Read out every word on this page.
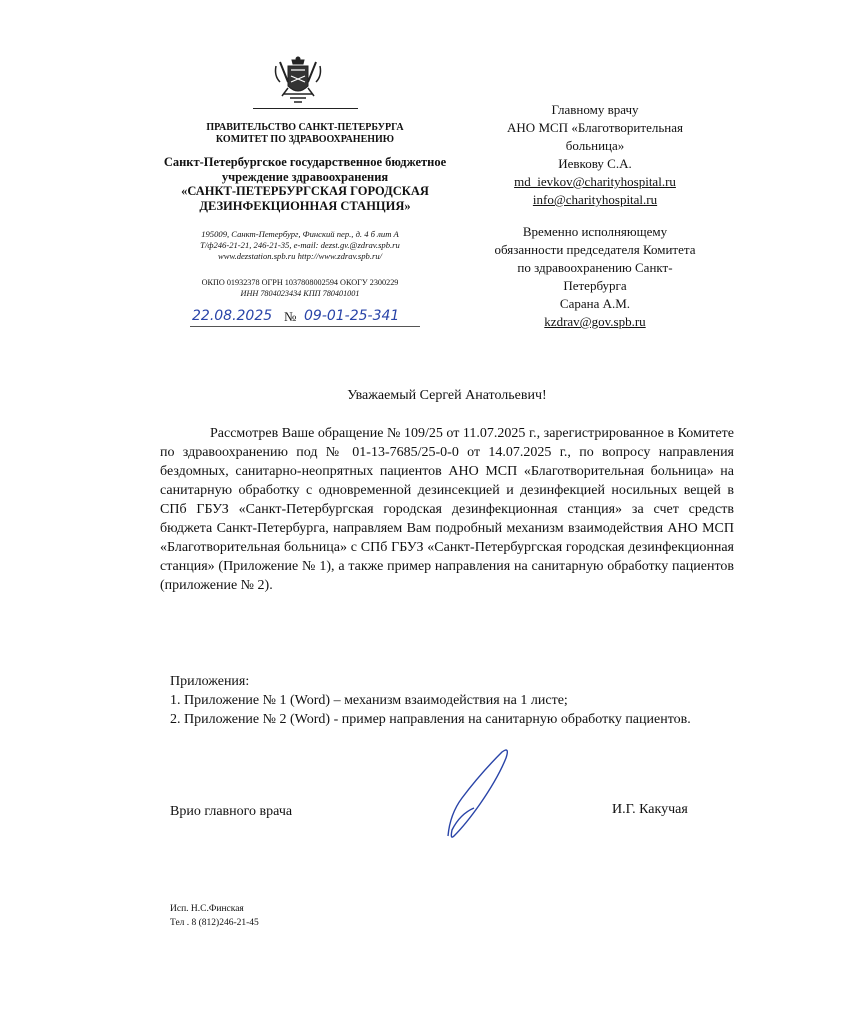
ПРАВИТЕЛЬСТВО САНКТ-ПЕТЕРБУРГА
КОМИТЕТ ПО ЗДРАВООХРАНЕНИЮ
Санкт-Петербургское государственное бюджетное
учреждение здравоохранения
«САНКТ-ПЕТЕРБУРГСКАЯ ГОРОДСКАЯ
ДЕЗИНФЕКЦИОННАЯ СТАНЦИЯ»
195009, Санкт-Петербург, Финский пер., д. 4 б лит А
Т/ф246-21-21, 246-21-35, e-mail: dezst.gv.@zdrav.spb.ru
www.dezstation.spb.ru http://www.zdrav.spb.ru/
ОКПО 01932378 ОГРН 1037808002594 ОКОГУ 2300229
ИНН 7804023434 КПП 780401001
22.08.2025 № 09-01-25-341
Главному врачу
АНО МСП «Благотворительная
больница»
Иевкову С.А.
md_ievkov@charityhospital.ru
info@charityhospital.ru
Временно исполняющему
обязанности председателя Комитета
по здравоохранению Санкт-
Петербурга
Сарана А.М.
kzdrav@gov.spb.ru
Уважаемый Сергей Анатольевич!
Рассмотрев Ваше обращение № 109/25 от 11.07.2025 г., зарегистрированное в Комитете по здравоохранению под № 01-13-7685/25-0-0 от 14.07.2025 г., по вопросу направления бездомных, санитарно-неопрятных пациентов АНО МСП «Благотворительная больница» на санитарную обработку с одновременной дезинсекцией и дезинфекцией носильных вещей в СПб ГБУЗ «Санкт-Петербургская городская дезинфекционная станция» за счет средств бюджета Санкт-Петербурга, направляем Вам подробный механизм взаимодействия АНО МСП «Благотворительная больница» с СПб ГБУЗ «Санкт-Петербургская городская дезинфекционная станция» (Приложение № 1), а также пример направления на санитарную обработку пациентов (приложение № 2).
Приложения:
1. Приложение № 1 (Word) – механизм взаимодействия на 1 листе;
2. Приложение № 2 (Word) - пример направления на санитарную обработку пациентов.
Врио главного врача	И.Г. Какучая
Исп. Н.С.Финская
Тел . 8 (812)246-21-45
